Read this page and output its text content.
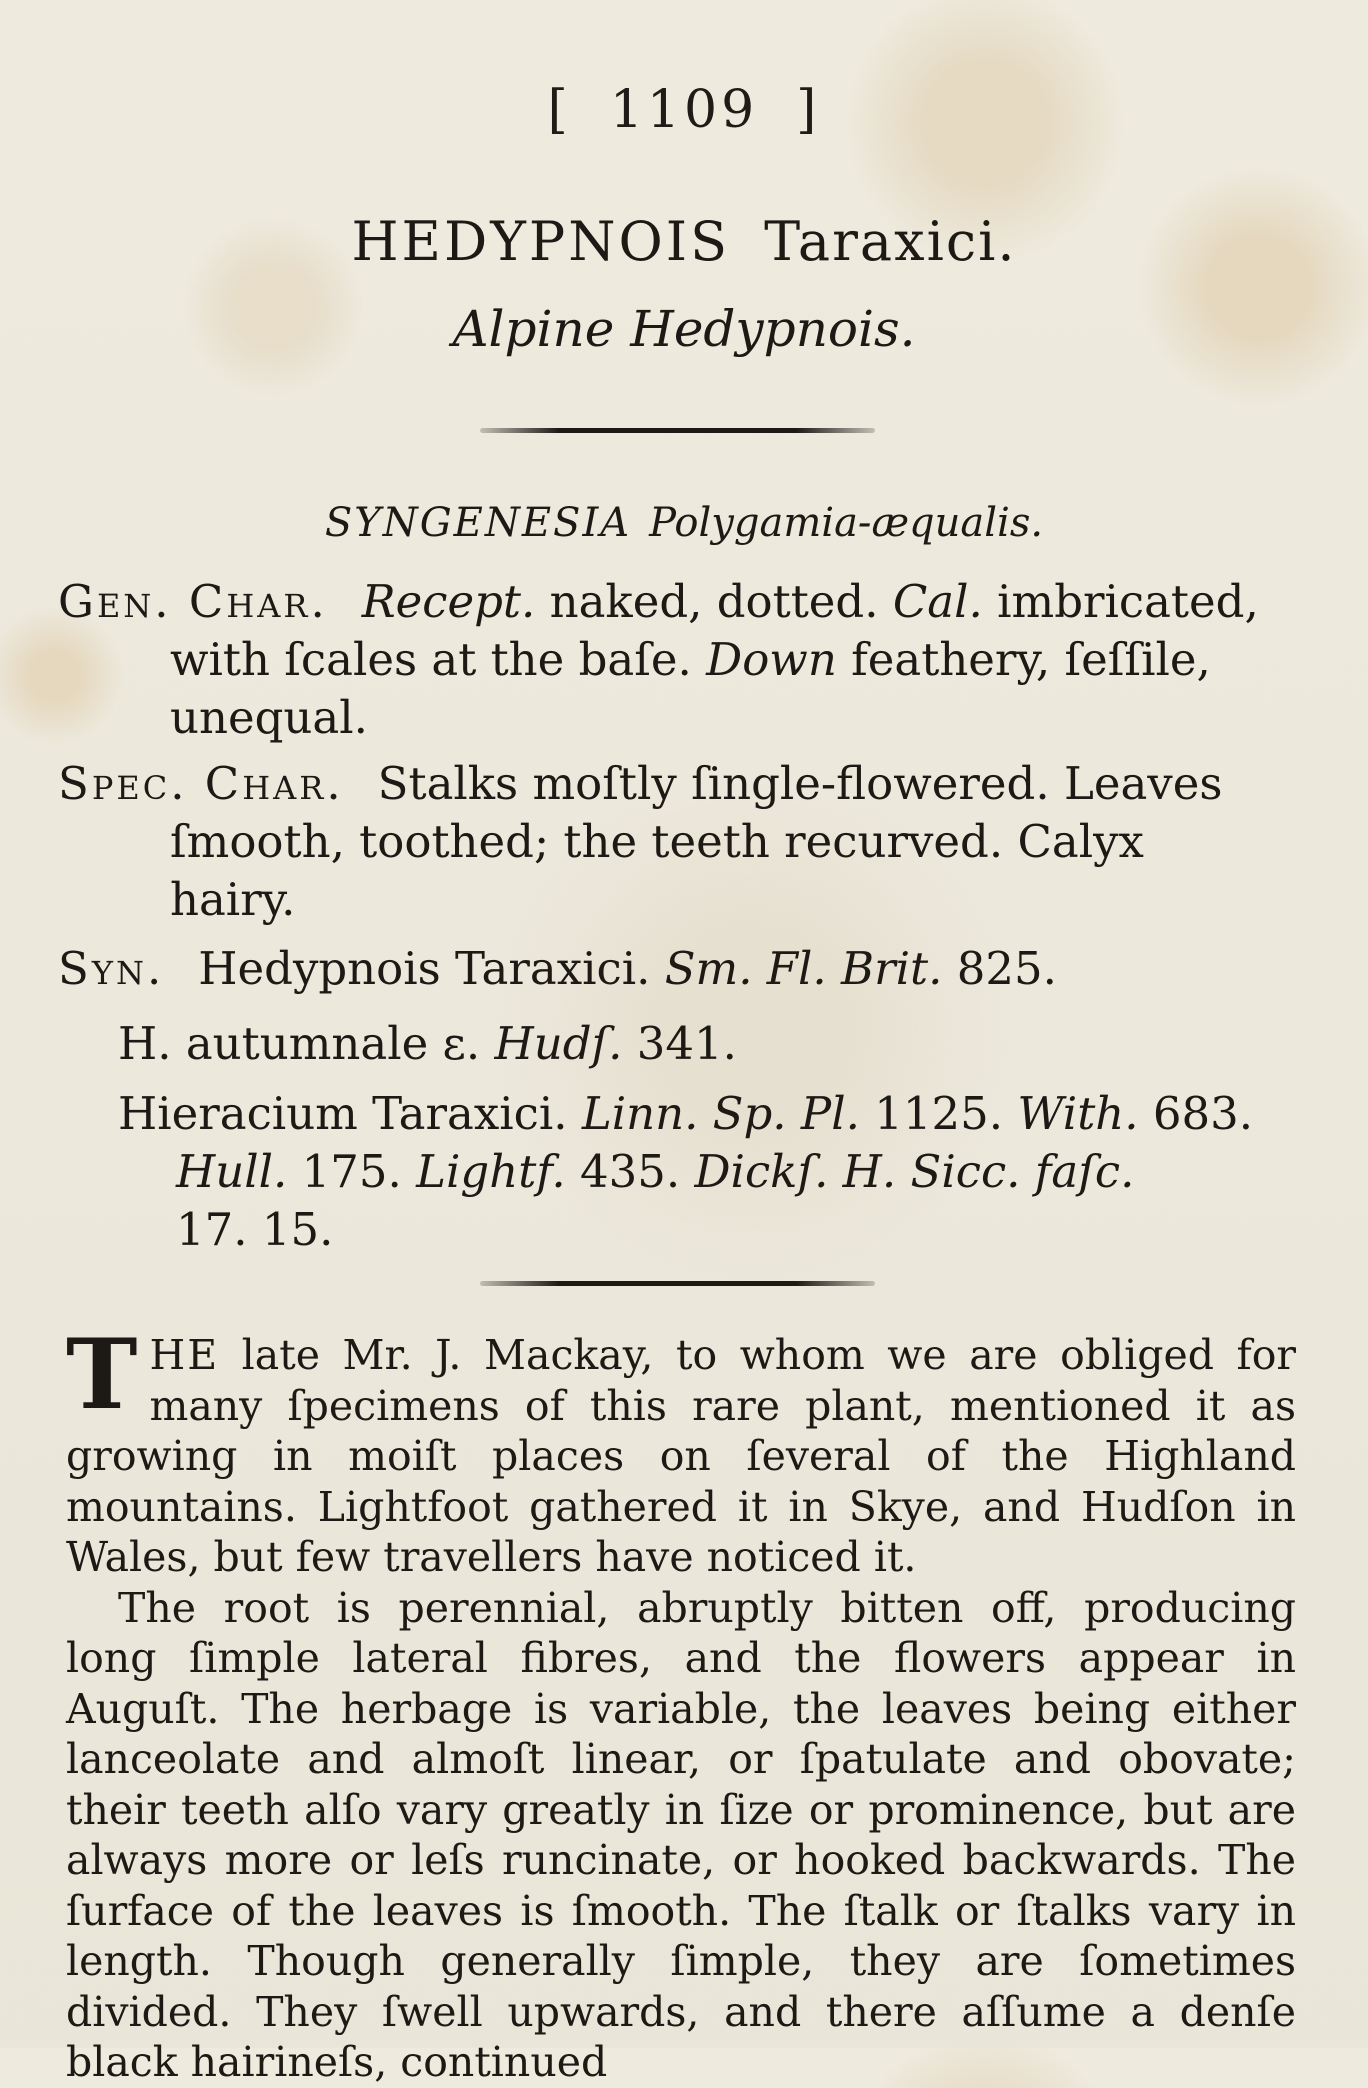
[ 1109 ]
HEDYPNOIS Taraxici.
Alpine Hedypnois.
SYNGENESIA Polygamia-æqualis.
Gen. Char. Recept. naked, dotted. Cal. imbricated,
with ſcales at the baſe. Down feathery, ſeſſile,
unequal.
Spec. Char. Stalks moſtly ſingle-flowered. Leaves
ſmooth, toothed; the teeth recurved. Calyx
hairy.
Syn. Hedypnois Taraxici. Sm. Fl. Brit. 825.
H. autumnale ε. Hudſ. 341.
Hieracium Taraxici. Linn. Sp. Pl. 1125. With. 683.
Hull. 175. Lightf. 435. Dickſ. H. Sicc. faſc.
17. 15.

THE late Mr. J. Mackay, to whom we are obliged for many ſpecimens of this rare plant, mentioned it as growing in moiſt places on ſeveral of the Highland mountains. Lightfoot gathered it in Skye, and Hudſon in Wales, but few travellers have noticed it.

The root is perennial, abruptly bitten off, producing long ſimple lateral fibres, and the flowers appear in Auguſt. The herbage is variable, the leaves being either lanceolate and almoſt linear, or ſpatulate and obovate; their teeth alſo vary greatly in ſize or prominence, but are always more or leſs runcinate, or hooked backwards. The ſurface of the leaves is ſmooth. The ſtalk or ſtalks vary in length. Though generally ſimple, they are ſometimes divided. They ſwell upwards, and there aſſume a denſe black hairineſs, continued
